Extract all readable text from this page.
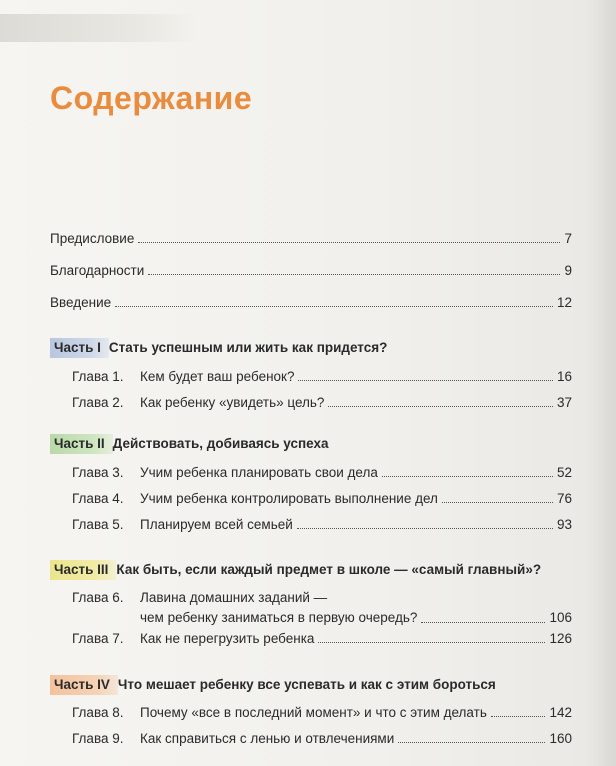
Содержание
Предисловие	7
Благодарности	9
Введение	12
Часть I Стать успешным или жить как придется?
Глава 1.	Кем будет ваш ребенок?	16
Глава 2.	Как ребенку «увидеть» цель?	37
Часть II Действовать, добиваясь успеха
Глава 3.	Учим ребенка планировать свои дела	52
Глава 4.	Учим ребенка контролировать выполнение дел	76
Глава 5.	Планируем всей семьей	93
Часть III Как быть, если каждый предмет в школе — «самый главный»?
Глава 6. Лавина домашних заданий —
чем ребенку заниматься в первую очередь?	106
Глава 7.	Как не перегрузить ребенка	126
Часть IV Что мешает ребенку все успевать и как с этим бороться
Глава 8.	Почему «все в последний момент» и что с этим делать	142
Глава 9.	Как справиться с ленью и отвлечениями	160
